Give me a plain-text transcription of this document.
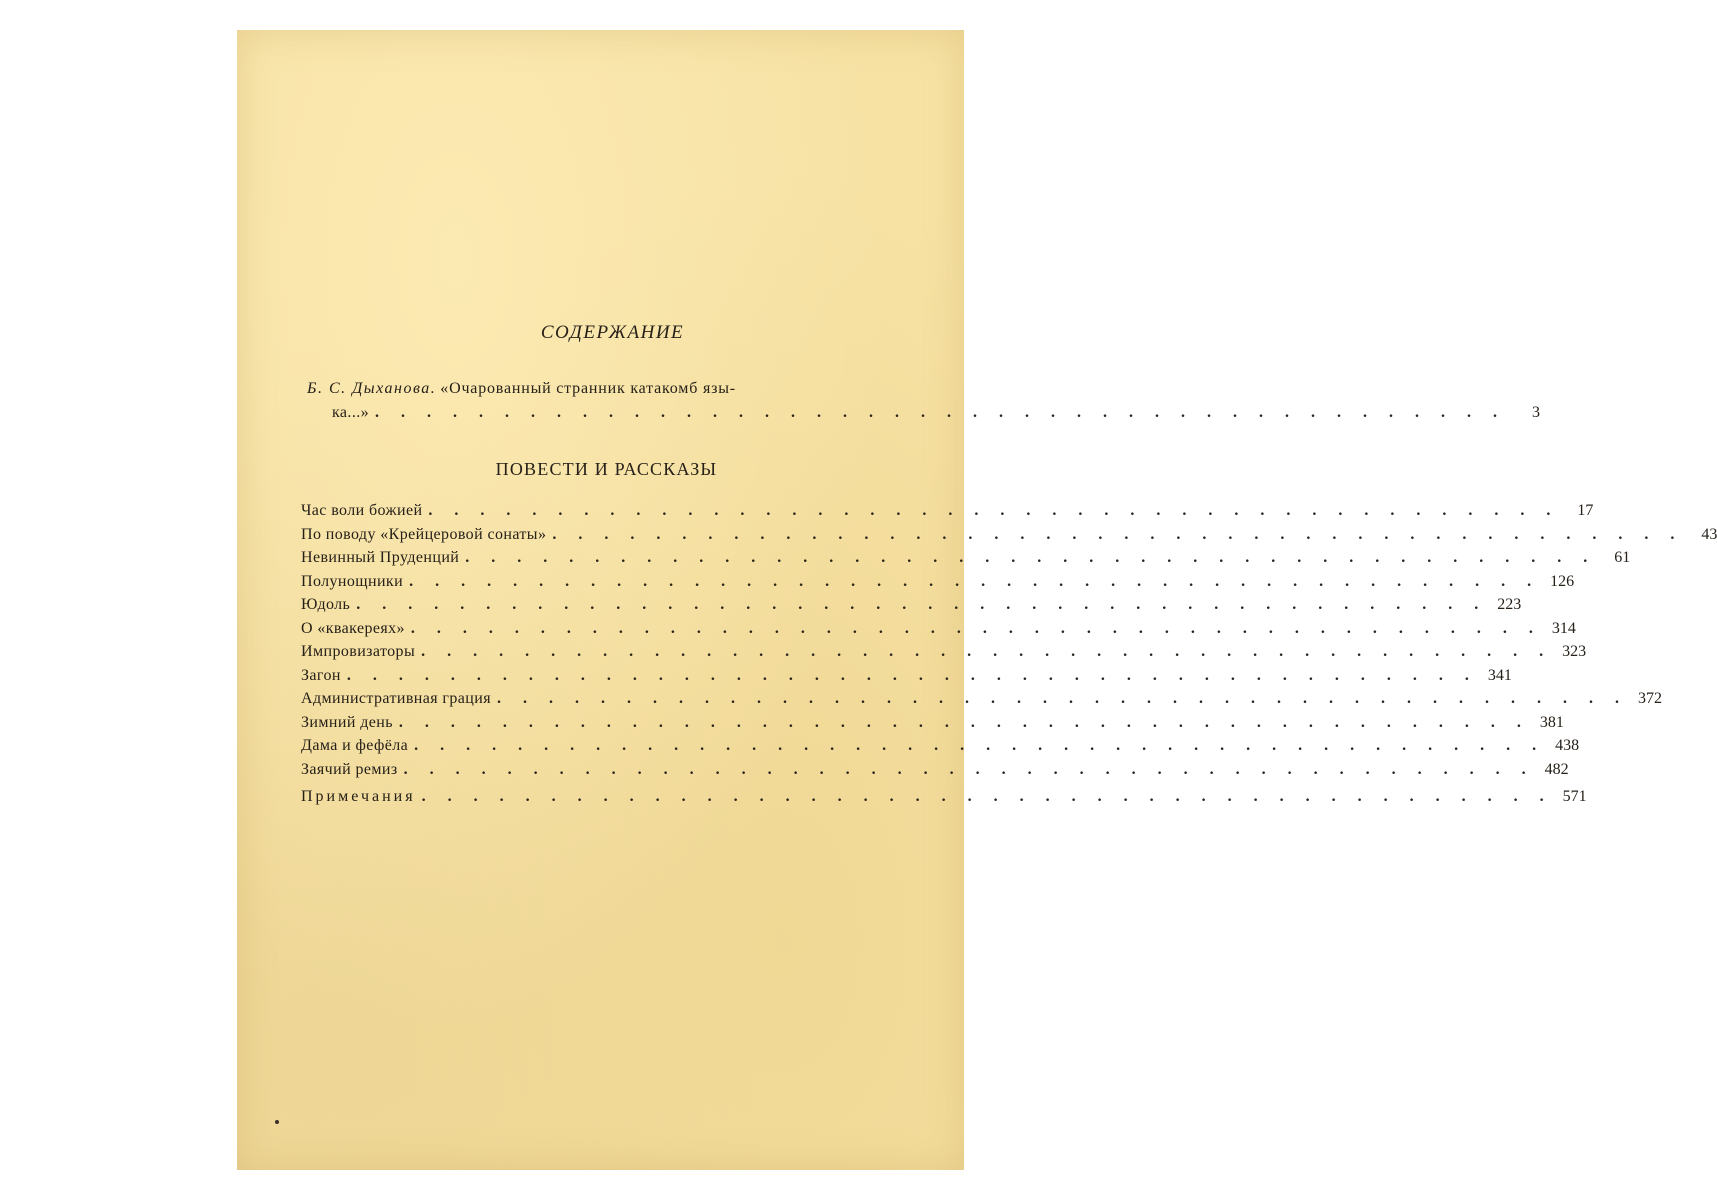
СОДЕРЖАНИЕ
Б. С. Дыханова. «Очарованный странник катакомб язы-
ка...» . . . . . . . . . . . . . . . . . . . . . . . . . . . . . . . . . . . . . . . . . . . .	3
ПОВЕСТИ И РАССКАЗЫ
Час воли божией . . . . . . . . . . . . . . . . . . . . . . . . . . . . . . . . . . . . . . . . . . . .	17
По поводу «Крейцеровой сонаты» . . . . . . . . . . . . . . . . . . . . . . . . . . . . . . . . . . . . . . . . . . . .	43
Невинный Пруденций . . . . . . . . . . . . . . . . . . . . . . . . . . . . . . . . . . . . . . . . . . . .	61
Полунощники . . . . . . . . . . . . . . . . . . . . . . . . . . . . . . . . . . . . . . . . . . . . 126
Юдоль . . . . . . . . . . . . . . . . . . . . . . . . . . . . . . . . . . . . . . . . . . . . 223
О «квакереях» . . . . . . . . . . . . . . . . . . . . . . . . . . . . . . . . . . . . . . . . . . . . 314
Импровизаторы . . . . . . . . . . . . . . . . . . . . . . . . . . . . . . . . . . . . . . . . . . . . 323
Загон . . . . . . . . . . . . . . . . . . . . . . . . . . . . . . . . . . . . . . . . . . . . 341
Административная грация . . . . . . . . . . . . . . . . . . . . . . . . . . . . . . . . . . . . . . . . . . . . 372
Зимний день . . . . . . . . . . . . . . . . . . . . . . . . . . . . . . . . . . . . . . . . . . . . 381
Дама и фефёла . . . . . . . . . . . . . . . . . . . . . . . . . . . . . . . . . . . . . . . . . . . . 438
Заячий ремиз . . . . . . . . . . . . . . . . . . . . . . . . . . . . . . . . . . . . . . . . . . . . 482
Примечания . . . . . . . . . . . . . . . . . . . . . . . . . . . . . . . . . . . . . . . . . . . . 571
